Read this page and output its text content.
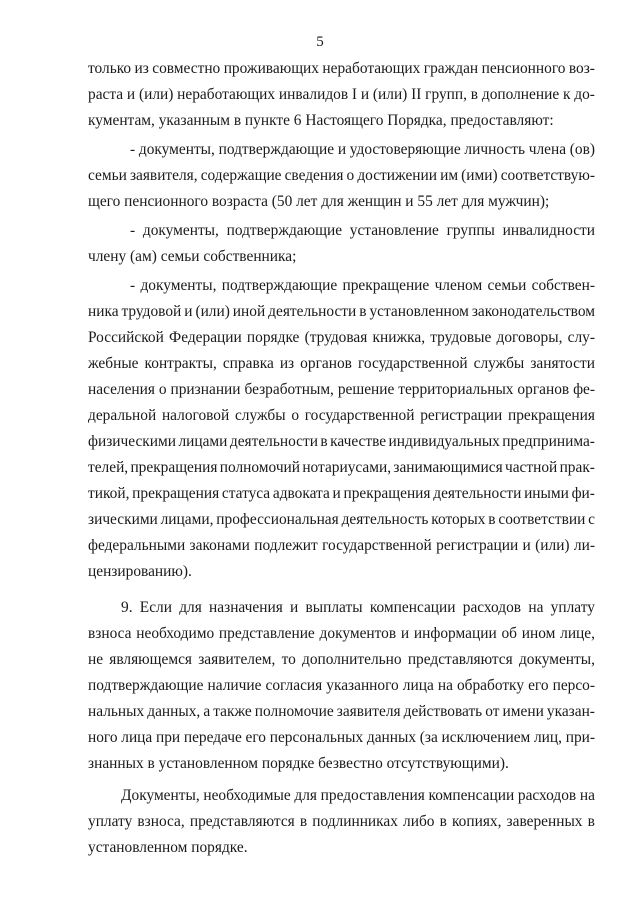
5
только из совместно проживающих неработающих граждан пенсионного воз-
раста и (или) неработающих инвалидов I и (или) II групп, в дополнение к до-
кументам, указанным в пункте 6 Настоящего Порядка, предоставляют:
- документы, подтверждающие и удостоверяющие личность члена (ов)
семьи заявителя, содержащие сведения о достижении им (ими) соответствую-
щего пенсионного возраста (50 лет для женщин и 55 лет для мужчин);
- документы, подтверждающие установление группы инвалидности
члену (ам) семьи собственника;
- документы, подтверждающие прекращение членом семьи собствен-
ника трудовой и (или) иной деятельности в установленном законодательством
Российской Федерации порядке (трудовая книжка, трудовые договоры, слу-
жебные контракты, справка из органов государственной службы занятости
населения о признании безработным, решение территориальных органов фе-
деральной налоговой службы о государственной регистрации прекращения
физическими лицами деятельности в качестве индивидуальных предпринима-
телей, прекращения полномочий нотариусами, занимающимися частной прак-
тикой, прекращения статуса адвоката и прекращения деятельности иными фи-
зическими лицами, профессиональная деятельность которых в соответствии с
федеральными законами подлежит государственной регистрации и (или) ли-
цензированию).
9. Если для назначения и выплаты компенсации расходов на уплату
взноса необходимо представление документов и информации об ином лице,
не являющемся заявителем, то дополнительно представляются документы,
подтверждающие наличие согласия указанного лица на обработку его персо-
нальных данных, а также полномочие заявителя действовать от имени указан-
ного лица при передаче его персональных данных (за исключением лиц, при-
знанных в установленном порядке безвестно отсутствующими).
Документы, необходимые для предоставления компенсации расходов на
уплату взноса, представляются в подлинниках либо в копиях, заверенных в
установленном порядке.
